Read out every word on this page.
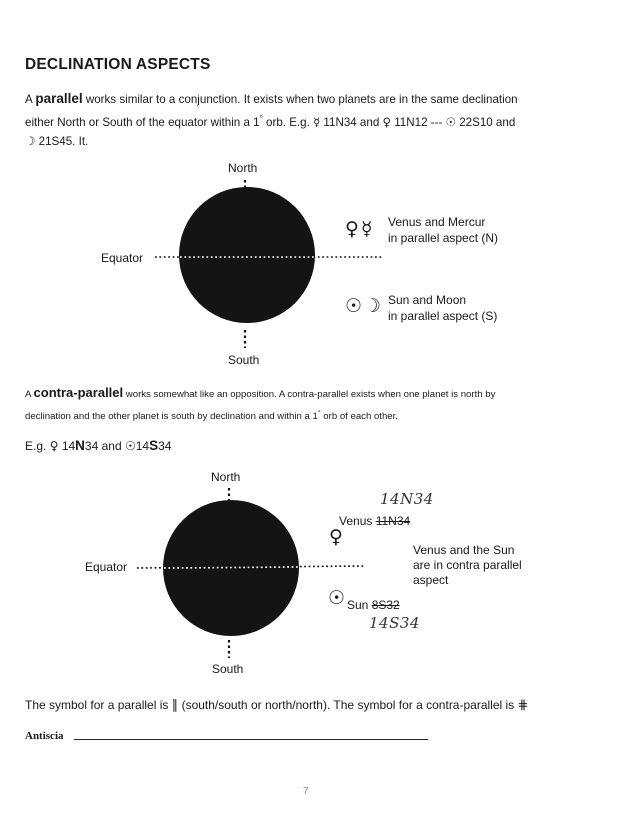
DECLINATION ASPECTS
A parallel works similar to a conjunction. It exists when two planets are in the same declination
either North or South of the equator within a 1° orb. E.g. ☿ 11N34 and ♀ 11N12 --- ☉ 22S10 and
☽ 21S45. It.
North
Equator
South
♀☿ Venus and Mercur
in parallel aspect (N)
☉☽ Sun and Moon
in parallel aspect (S)
A contra-parallel works somewhat like an opposition. A contra-parallel exists when one planet is north by
declination and the other planet is south by declination and within a 1° orb of each other.
E.g. ♀ 14N34 and ☉14S34
North
Equator
South
14N34
Venus 11N34
♀
Venus and the Sun
are in contra parallel
aspect
☉ Sun 8S32
14S34
The symbol for a parallel is ∥ (south/south or north/north). The symbol for a contra-parallel is ⋕
Antiscia
7
